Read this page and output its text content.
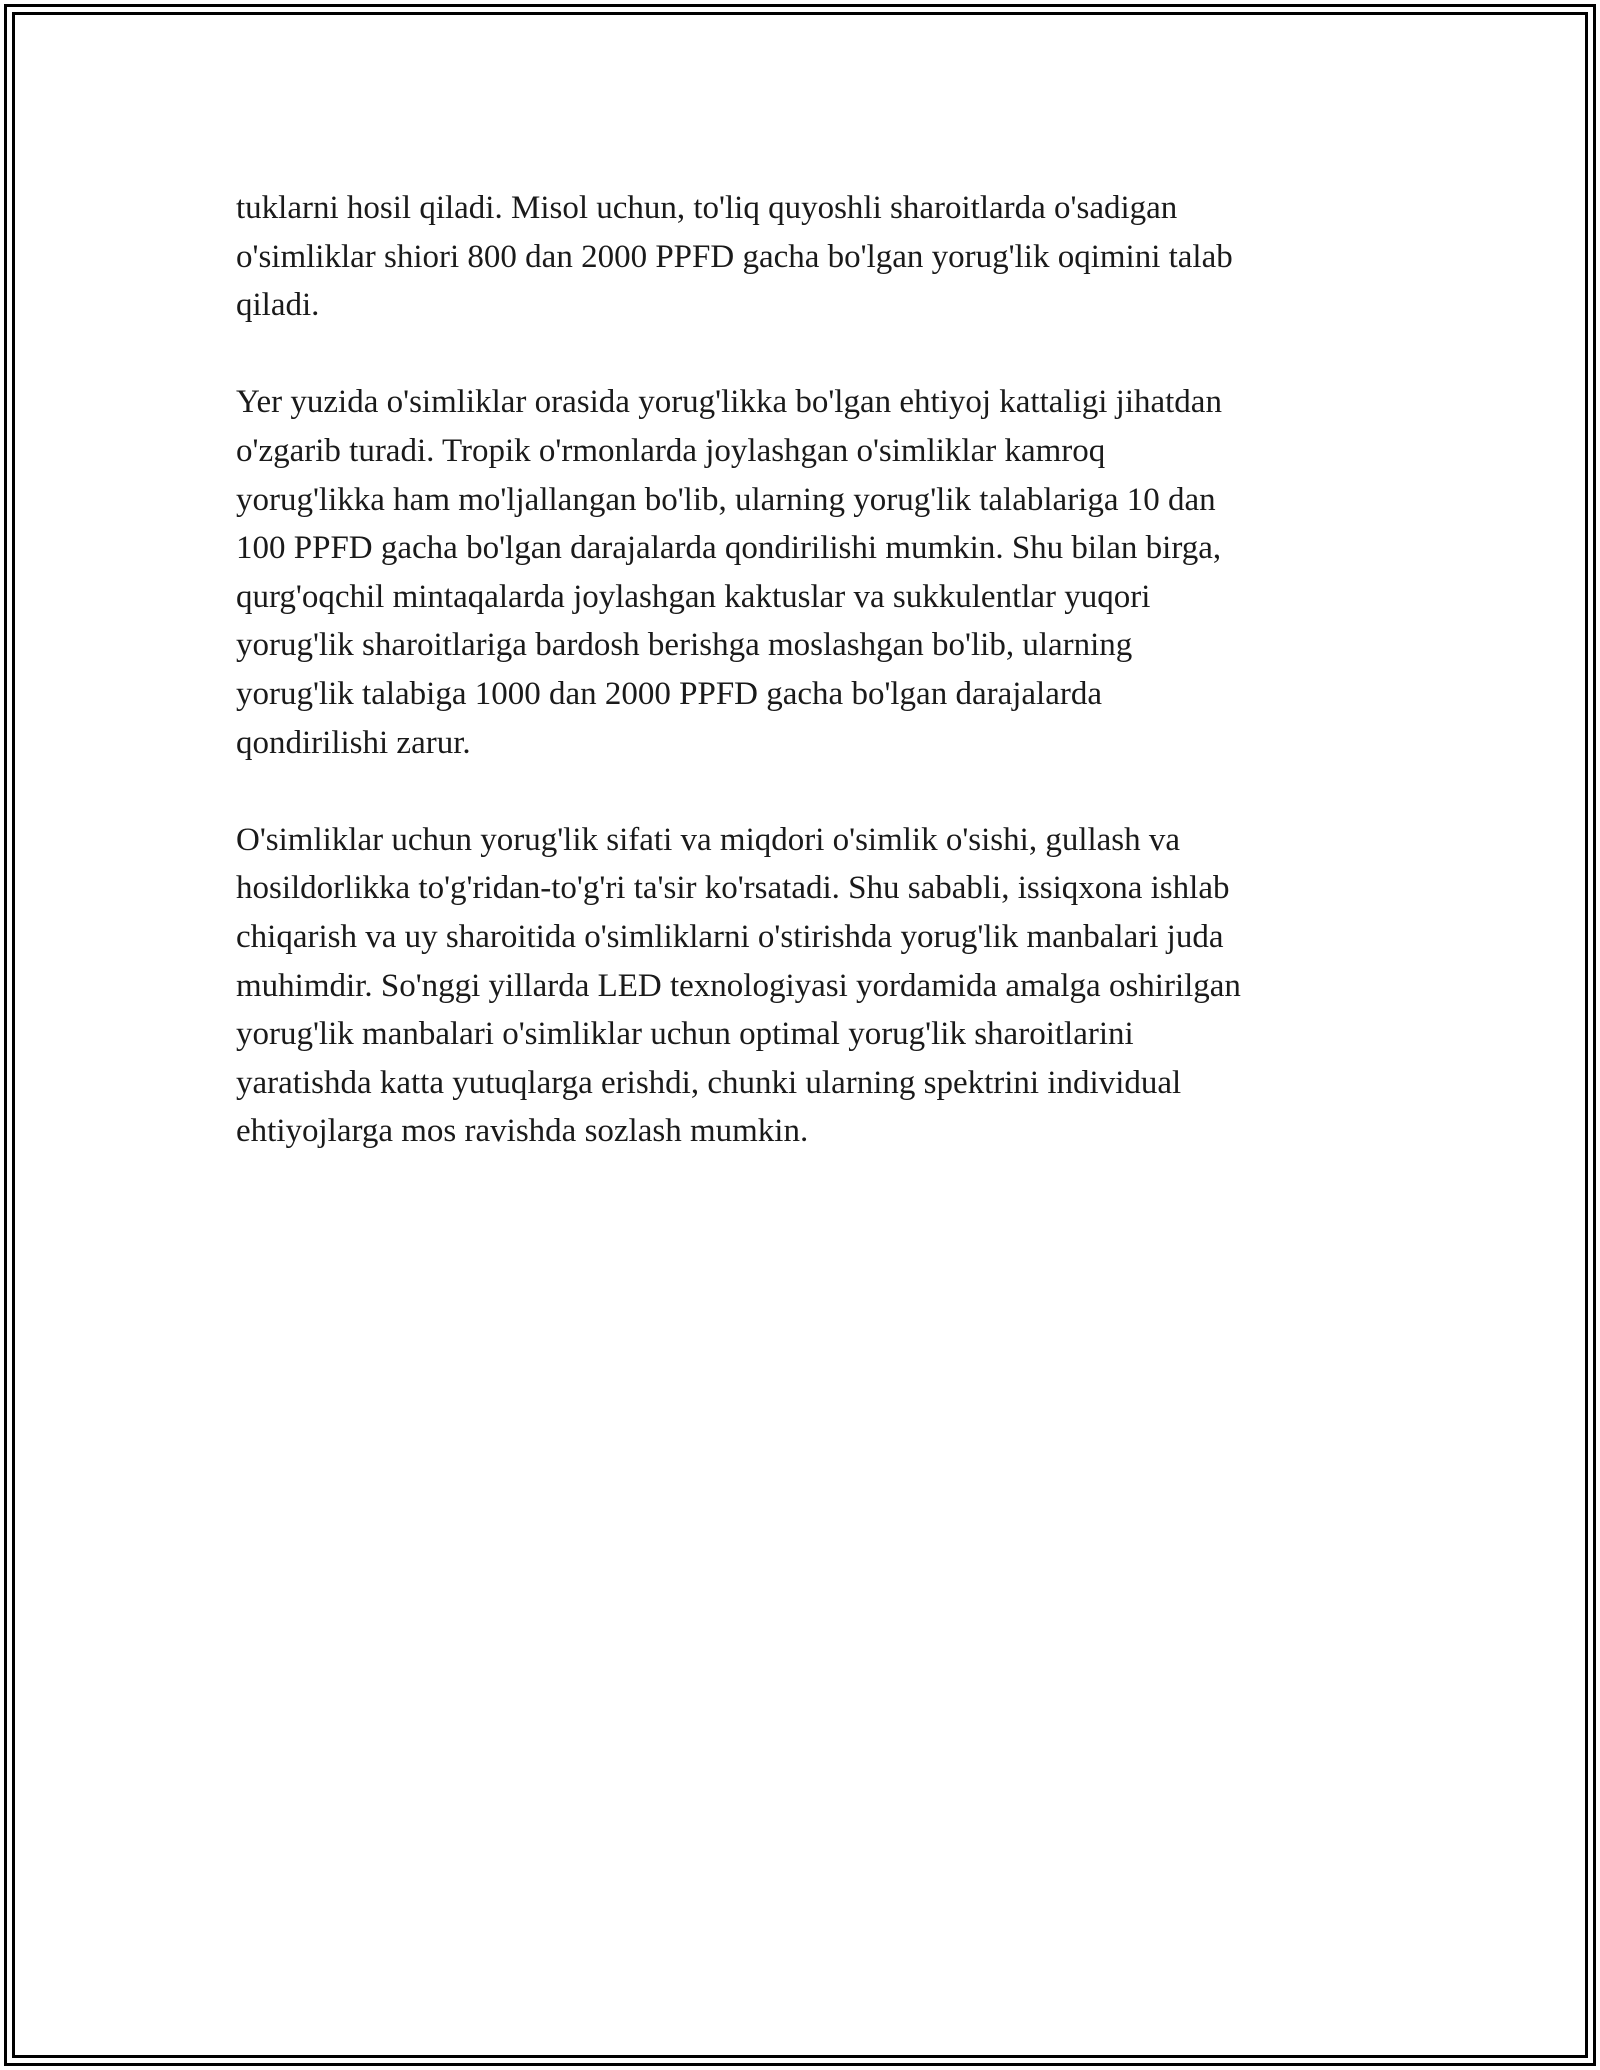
tuklarni hosil qiladi. Misol uchun, to'liq quyoshli sharoitlarda o'sadigan
o'simliklar shiori 800 dan 2000 PPFD gacha bo'lgan yorug'lik oqimini talab
qiladi.

Yer yuzida o'simliklar orasida yorug'likka bo'lgan ehtiyoj kattaligi jihatdan
o'zgarib turadi. Tropik o'rmonlarda joylashgan o'simliklar kamroq
yorug'likka ham mo'ljallangan bo'lib, ularning yorug'lik talablariga 10 dan
100 PPFD gacha bo'lgan darajalarda qondirilishi mumkin. Shu bilan birga,
qurg'oqchil mintaqalarda joylashgan kaktuslar va sukkulentlar yuqori
yorug'lik sharoitlariga bardosh berishga moslashgan bo'lib, ularning
yorug'lik talabiga 1000 dan 2000 PPFD gacha bo'lgan darajalarda
qondirilishi zarur.

O'simliklar uchun yorug'lik sifati va miqdori o'simlik o'sishi, gullash va
hosildorlikka to'g'ridan-to'g'ri ta'sir ko'rsatadi. Shu sababli, issiqxona ishlab
chiqarish va uy sharoitida o'simliklarni o'stirishda yorug'lik manbalari juda
muhimdir. So'nggi yillarda LED texnologiyasi yordamida amalga oshirilgan
yorug'lik manbalari o'simliklar uchun optimal yorug'lik sharoitlarini
yaratishda katta yutuqlarga erishdi, chunki ularning spektrini individual
ehtiyojlarga mos ravishda sozlash mumkin.
